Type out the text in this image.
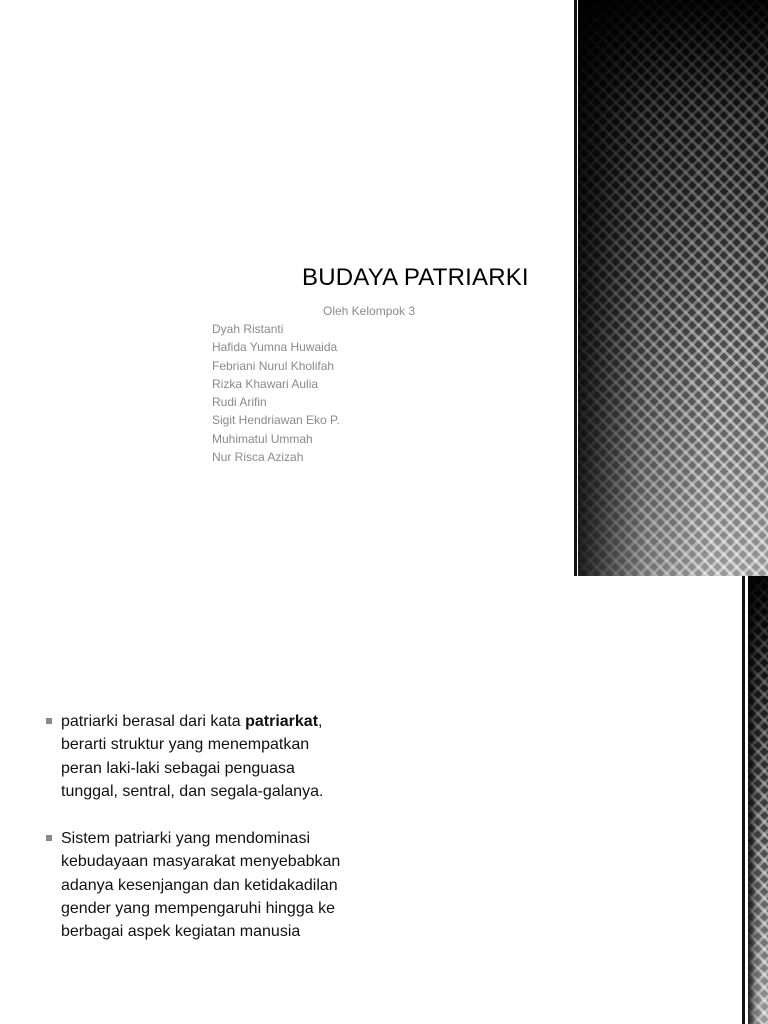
BUDAYA PATRIARKI
Oleh Kelompok 3
Dyah Ristanti
Hafida Yumna Huwaida
Febriani Nurul Kholifah
Rizka Khawari Aulia
Rudi Arifin
Sigit Hendriawan Eko P.
Muhimatul Ummah
Nur Risca Azizah
patriarki berasal dari kata patriarkat, berarti struktur yang menempatkan peran laki-laki sebagai penguasa tunggal, sentral, dan segala-galanya.
Sistem patriarki yang mendominasi kebudayaan masyarakat menyebabkan adanya kesenjangan dan ketidakadilan gender yang mempengaruhi hingga ke berbagai aspek kegiatan manusia
